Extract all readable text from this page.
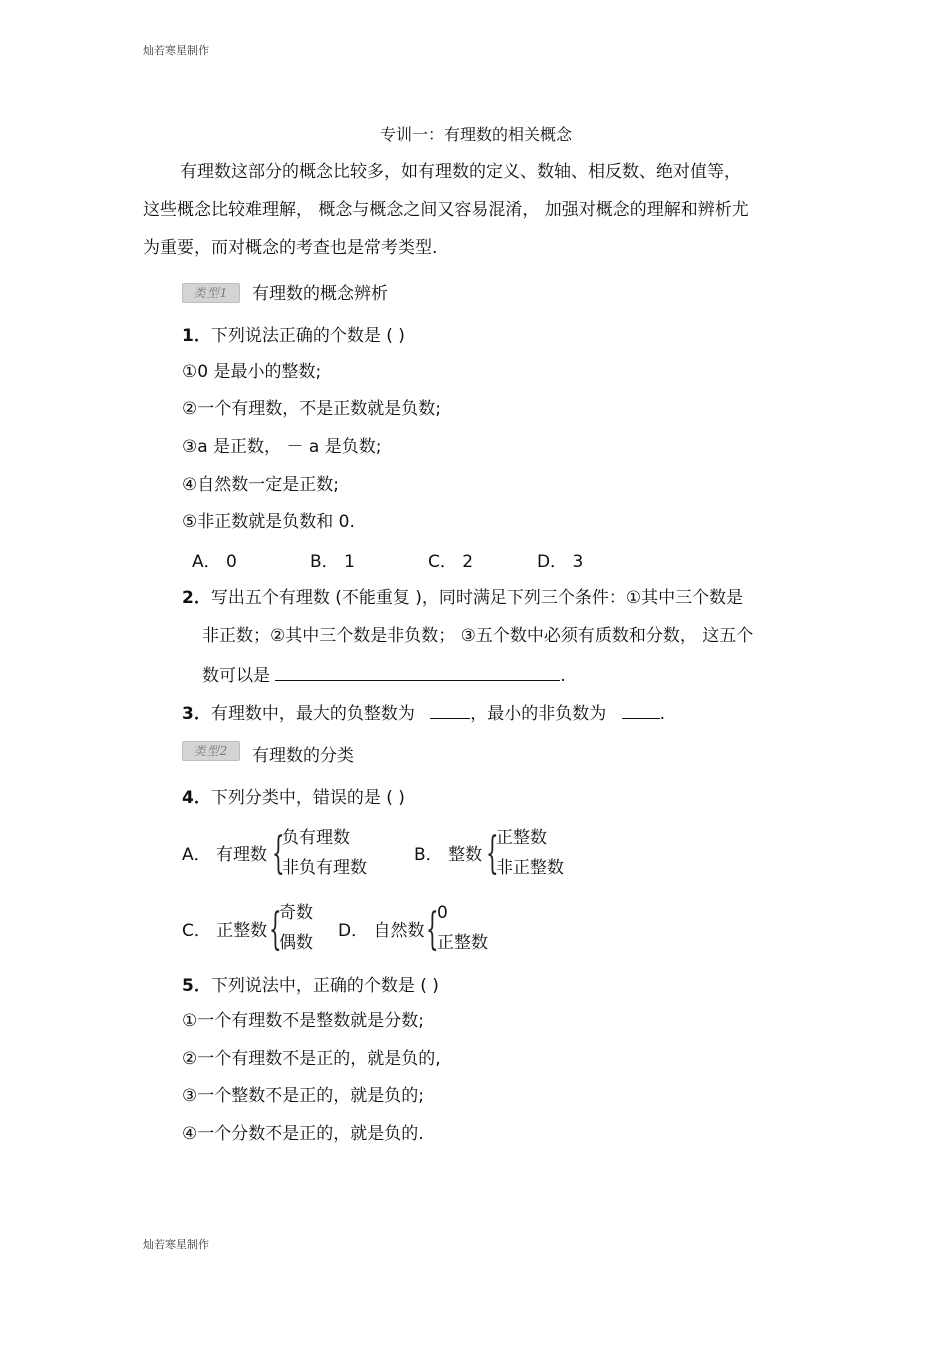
灿若寒星制作
专训一：有理数的相关概念
有理数这部分的概念比较多，如有理数的定义、数轴、相反数、绝对值等，
这些概念比较难理解， 概念与概念之间又容易混淆， 加强对概念的理解和辨析尤
为重要，而对概念的考查也是常考类型.
类型1	有理数的概念辨析
1．下列说法正确的个数是 ( )
①0 是最小的整数;
②一个有理数，不是正数就是负数;
③a 是正数， － a 是负数;
④自然数一定是正数;
⑤非正数就是负数和 0.
A． 0	B． 1	C． 2	D． 3
2．写出五个有理数 (不能重复 )，同时满足下列三个条件：①其中三个数是
非正数；②其中三个数是非负数； ③五个数中必须有质数和分数， 这五个
数可以是	.
3．有理数中，最大的负整数为	，最小的非负数为	.
类型2	有理数的分类
4．下列分类中，错误的是 ( )
A． 有理数 {
负有理数
非负有理数
B． 整数 {
正整数
非正整数
C． 正整数 {
奇数
偶数
D． 自然数 {
0
正整数
5．下列说法中，正确的个数是 ( )
①一个有理数不是整数就是分数;
②一个有理数不是正的，就是负的,
③一个整数不是正的，就是负的;
④一个分数不是正的，就是负的.
灿若寒星制作
